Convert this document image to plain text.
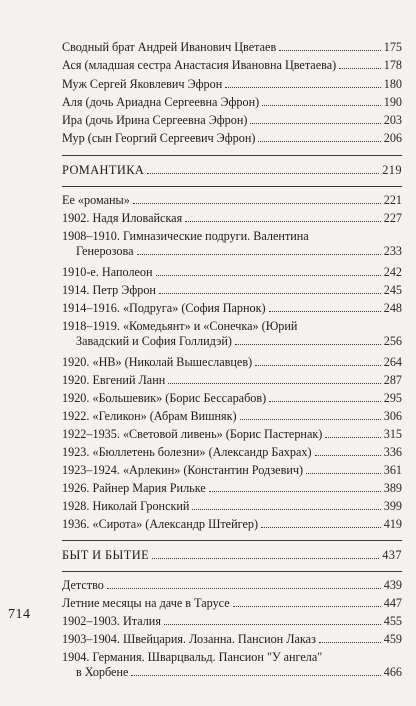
Сводный брат Андрей Иванович Цветаев	175
Ася (младшая сестра Анастасия Ивановна Цветаева)	178
Муж Сергей Яковлевич Эфрон	180
Аля (дочь Ариадна Сергеевна Эфрон)	190
Ира (дочь Ирина Сергеевна Эфрон)	203
Мур (сын Георгий Сергеевич Эфрон)	206
РОМАНТИКА	219
Ее «романы»	221
1902. Надя Иловайская	227
1908–1910. Гимназические подруги. Валентина
Генерозова	233
1910-е. Наполеон	242
1914. Петр Эфрон	245
1914–1916. «Подруга» (София Парнок)	248
1918–1919. «Комедьянт» и «Сонечка» (Юрий
Завадский и София Голлидэй)	256
1920. «НВ» (Николай Вышеславцев)	264
1920. Евгений Ланн	287
1920. «Большевик» (Борис Бессарабов)	295
1922. «Геликон» (Абрам Вишняк)	306
1922–1935. «Световой ливень» (Борис Пастернак)	315
1923. «Бюллетень болезни» (Александр Бахрах)	336
1923–1924. «Арлекин» (Константин Родзевич)	361
1926. Райнер Мария Рильке	389
1928. Николай Гронский	399
1936. «Сирота» (Александр Штейгер)	419
БЫТ И БЫТИЕ	437
Детство	439
Летние месяцы на даче в Тарусе	447
1902–1903. Италия	455
1903–1904. Швейцария. Лозанна. Пансион Лаказ	459
1904. Германия. Шварцвальд. Пансион "У ангела"
в Хорбене	466
714
